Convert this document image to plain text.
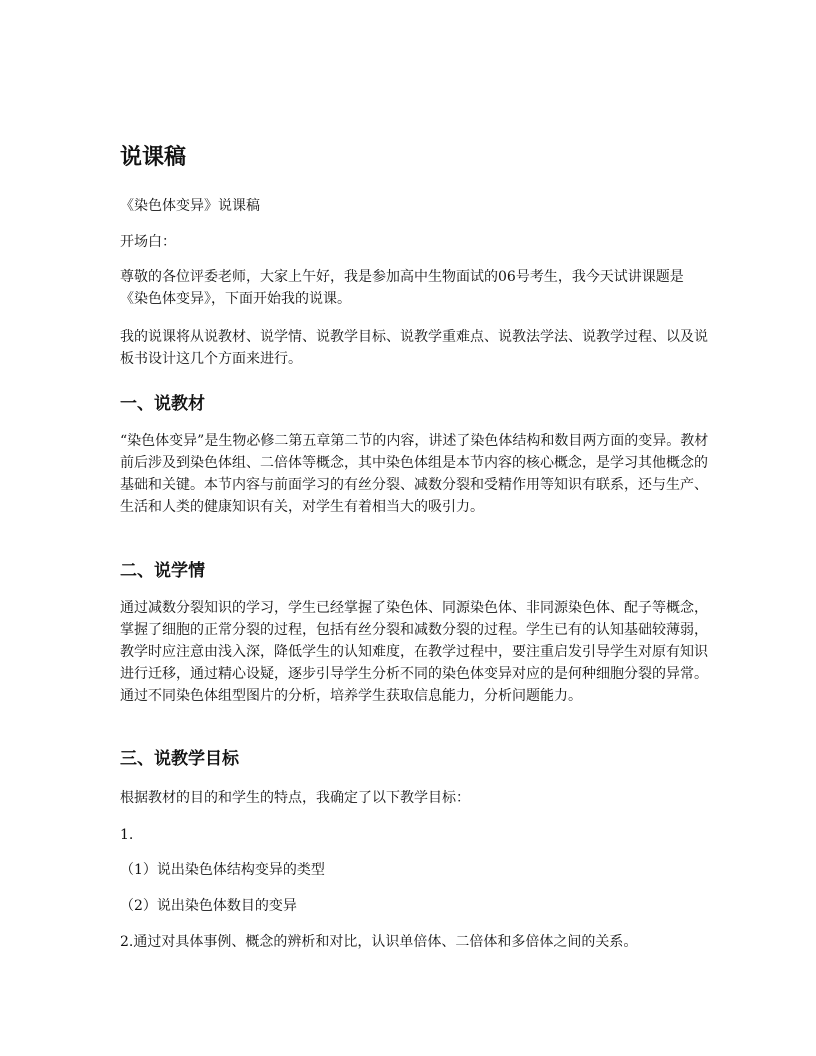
说课稿

《染色体变异》说课稿

开场白：

尊敬的各位评委老师，大家上午好，我是参加高中生物面试的06号考生，我今天试讲课题是《染色体变异》，下面开始我的说课。

我的说课将从说教材、说学情、说教学目标、说教学重难点、说教法学法、说教学过程、以及说板书设计这几个方面来进行。

一、说教材

“染色体变异”是生物必修二第五章第二节的内容，讲述了染色体结构和数目两方面的变异。教材前后涉及到染色体组、二倍体等概念，其中染色体组是本节内容的核心概念，是学习其他概念的基础和关键。本节内容与前面学习的有丝分裂、减数分裂和受精作用等知识有联系，还与生产、生活和人类的健康知识有关，对学生有着相当大的吸引力。

二、说学情

通过减数分裂知识的学习，学生已经掌握了染色体、同源染色体、非同源染色体、配子等概念，掌握了细胞的正常分裂的过程，包括有丝分裂和减数分裂的过程。学生已有的认知基础较薄弱，教学时应注意由浅入深，降低学生的认知难度，在教学过程中，要注重启发引导学生对原有知识进行迁移，通过精心设疑，逐步引导学生分析不同的染色体变异对应的是何种细胞分裂的异常。通过不同染色体组型图片的分析，培养学生获取信息能力，分析问题能力。

三、说教学目标

根据教材的目的和学生的特点，我确定了以下教学目标：

1.

（1）说出染色体结构变异的类型

（2）说出染色体数目的变异

2.通过对具体事例、概念的辨析和对比，认识单倍体、二倍体和多倍体之间的关系。
